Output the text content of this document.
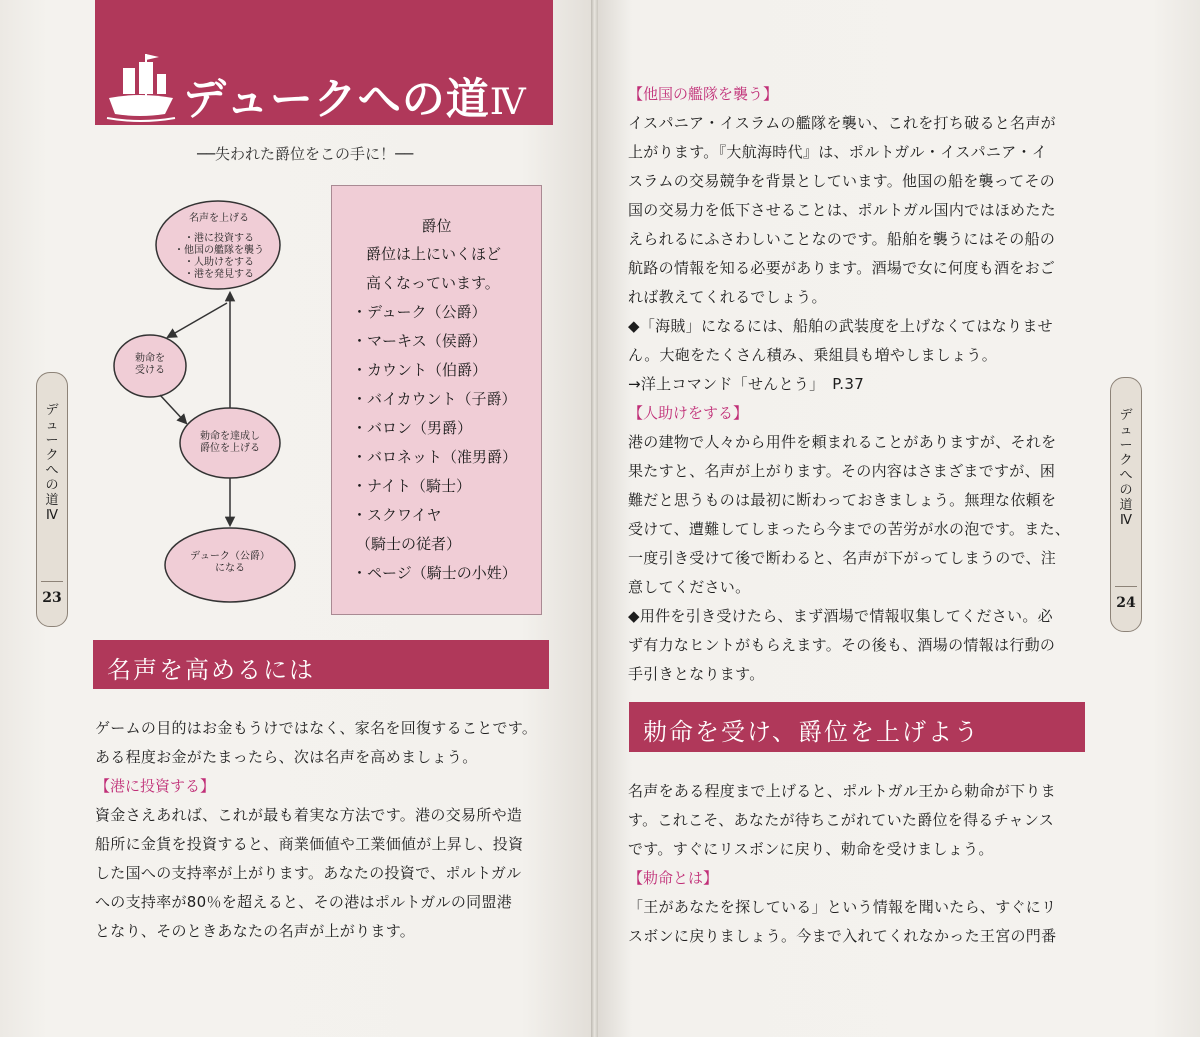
デュークへの道Ⅳ
──失われた爵位をこの手に！──
名声を上げる
・港に投資する
・他国の艦隊を襲う
・人助けをする
・港を発見する
勅命を
受ける
勅命を達成し
爵位を上げる
デューク（公爵）
になる
爵位
爵位は上にいくほど
高くなっています。
・デューク（公爵）
・マーキス（侯爵）
・カウント（伯爵）
・バイカウント（子爵）
・バロン（男爵）
・バロネット（准男爵）
・ナイト（騎士）
・スクワイヤ
（騎士の従者）
・ページ（騎士の小姓）
デ
ュ
ー
ク
へ
の
道
Ⅳ
23
名声を高めるには
ゲームの目的はお金もうけではなく、家名を回復することです。
ある程度お金がたまったら、次は名声を高めましょう。
【港に投資する】
資金さえあれば、これが最も着実な方法です。港の交易所や造
船所に金貨を投資すると、商業価値や工業価値が上昇し、投資
した国への支持率が上がります。あなたの投資で、ポルトガル
への支持率が80％を超えると、その港はポルトガルの同盟港
となり、そのときあなたの名声が上がります。
【他国の艦隊を襲う】
イスパニア・イスラムの艦隊を襲い、これを打ち破ると名声が
上がります。『大航海時代』は、ポルトガル・イスパニア・イ
スラムの交易競争を背景としています。他国の船を襲ってその
国の交易力を低下させることは、ポルトガル国内ではほめたた
えられるにふさわしいことなのです。船舶を襲うにはその船の
航路の情報を知る必要があります。酒場で女に何度も酒をおご
れば教えてくれるでしょう。
◆「海賊」になるには、船舶の武装度を上げなくてはなりませ
ん。大砲をたくさん積み、乗組員も増やしましょう。
→洋上コマンド「せんとう」　P.37
【人助けをする】
港の建物で人々から用件を頼まれることがありますが、それを
果たすと、名声が上がります。その内容はさまざまですが、困
難だと思うものは最初に断わっておきましょう。無理な依頼を
受けて、遭難してしまったら今までの苦労が水の泡です。また、
一度引き受けて後で断わると、名声が下がってしまうので、注
意してください。
◆用件を引き受けたら、まず酒場で情報収集してください。必
ず有力なヒントがもらえます。その後も、酒場の情報は行動の
手引きとなります。
勅命を受け、爵位を上げよう
名声をある程度まで上げると、ポルトガル王から勅命が下りま
す。これこそ、あなたが待ちこがれていた爵位を得るチャンス
です。すぐにリスボンに戻り、勅命を受けましょう。
【勅命とは】
「王があなたを探している」という情報を聞いたら、すぐにリ
スボンに戻りましょう。今まで入れてくれなかった王宮の門番
デ
ュ
ー
ク
へ
の
道
Ⅳ
24
